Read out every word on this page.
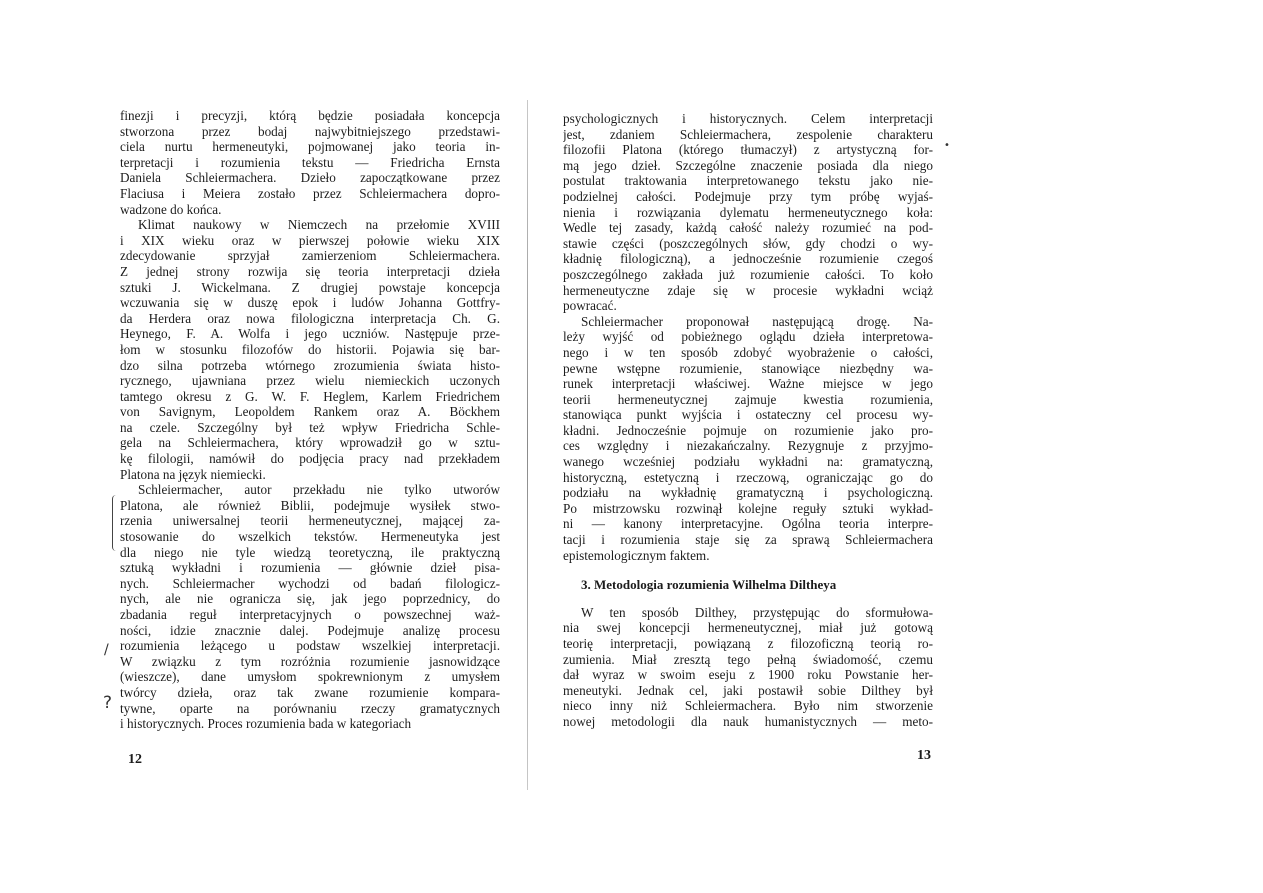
finezji i precyzji, którą będzie posiadała koncepcja
stworzona przez bodaj najwybitniejszego przedstawi-
ciela nurtu hermeneutyki, pojmowanej jako teoria in-
terpretacji i rozumienia tekstu — Friedricha Ernsta
Daniela Schleiermachera. Dzieło zapoczątkowane przez
Flaciusa i Meiera zostało przez Schleiermachera dopro-
wadzone do końca.
Klimat naukowy w Niemczech na przełomie XVIII
i XIX wieku oraz w pierwszej połowie wieku XIX
zdecydowanie sprzyjał zamierzeniom Schleiermachera.
Z jednej strony rozwija się teoria interpretacji dzieła
sztuki J. Wickelmana. Z drugiej powstaje koncepcja
wczuwania się w duszę epok i ludów Johanna Gottfry-
da Herdera oraz nowa filologiczna interpretacja Ch. G.
Heynego, F. A. Wolfa i jego uczniów. Następuje prze-
łom w stosunku filozofów do historii. Pojawia się bar-
dzo silna potrzeba wtórnego zrozumienia świata histo-
rycznego, ujawniana przez wielu niemieckich uczonych
tamtego okresu z G. W. F. Heglem, Karlem Friedrichem
von Savignym, Leopoldem Rankem oraz A. Böckhem
na czele. Szczególny był też wpływ Friedricha Schle-
gela na Schleiermachera, który wprowadził go w sztu-
kę filologii, namówił do podjęcia pracy nad przekładem
Platona na język niemiecki.
Schleiermacher, autor przekładu nie tylko utworów
Platona, ale również Biblii, podejmuje wysiłek stwo-
rzenia uniwersalnej teorii hermeneutycznej, mającej za-
stosowanie do wszelkich tekstów. Hermeneutyka jest
dla niego nie tyle wiedzą teoretyczną, ile praktyczną
sztuką wykładni i rozumienia — głównie dzieł pisa-
nych. Schleiermacher wychodzi od badań filologicz-
nych, ale nie ogranicza się, jak jego poprzednicy, do
zbadania reguł interpretacyjnych o powszechnej waż-
ności, idzie znacznie dalej. Podejmuje analizę procesu
rozumienia leżącego u podstaw wszelkiej interpretacji.
W związku z tym rozróżnia rozumienie jasnowidzące
(wieszcze), dane umysłom spokrewnionym z umysłem
twórcy dzieła, oraz tak zwane rozumienie kompara-
tywne, oparte na porównaniu rzeczy gramatycznych
i historycznych. Proces rozumienia bada w kategoriach
12
psychologicznych i historycznych. Celem interpretacji
jest, zdaniem Schleiermachera, zespolenie charakteru
filozofii Platona (którego tłumaczył) z artystyczną for-
mą jego dzieł. Szczególne znaczenie posiada dla niego
postulat traktowania interpretowanego tekstu jako nie-
podzielnej całości. Podejmuje przy tym próbę wyjaś-
nienia i rozwiązania dylematu hermeneutycznego koła:
Wedle tej zasady, każdą całość należy rozumieć na pod-
stawie części (poszczególnych słów, gdy chodzi o wy-
kładnię filologiczną), a jednocześnie rozumienie czegoś
poszczególnego zakłada już rozumienie całości. To koło
hermeneutyczne zdaje się w procesie wykładni wciąż
powracać.
Schleiermacher proponował następującą drogę. Na-
leży wyjść od pobieżnego oglądu dzieła interpretowa-
nego i w ten sposób zdobyć wyobrażenie o całości,
pewne wstępne rozumienie, stanowiące niezbędny wa-
runek interpretacji właściwej. Ważne miejsce w jego
teorii hermeneutycznej zajmuje kwestia rozumienia,
stanowiąca punkt wyjścia i ostateczny cel procesu wy-
kładni. Jednocześnie pojmuje on rozumienie jako pro-
ces względny i niezakańczalny. Rezygnuje z przyjmo-
wanego wcześniej podziału wykładni na: gramatyczną,
historyczną, estetyczną i rzeczową, ograniczając go do
podziału na wykładnię gramatyczną i psychologiczną.
Po mistrzowsku rozwinął kolejne reguły sztuki wykład-
ni — kanony interpretacyjne. Ogólna teoria interpre-
tacji i rozumienia staje się za sprawą Schleiermachera
epistemologicznym faktem.
3. Metodologia rozumienia Wilhelma Diltheya
W ten sposób Dilthey, przystępując do sformułowa-
nia swej koncepcji hermeneutycznej, miał już gotową
teorię interpretacji, powiązaną z filozoficzną teorią ro-
zumienia. Miał zresztą tego pełną świadomość, czemu
dał wyraz w swoim eseju z 1900 roku Powstanie her-
meneutyki. Jednak cel, jaki postawił sobie Dilthey był
nieco inny niż Schleiermachera. Było nim stworzenie
nowej metodologii dla nauk humanistycznych — meto-
13
/
?
•
